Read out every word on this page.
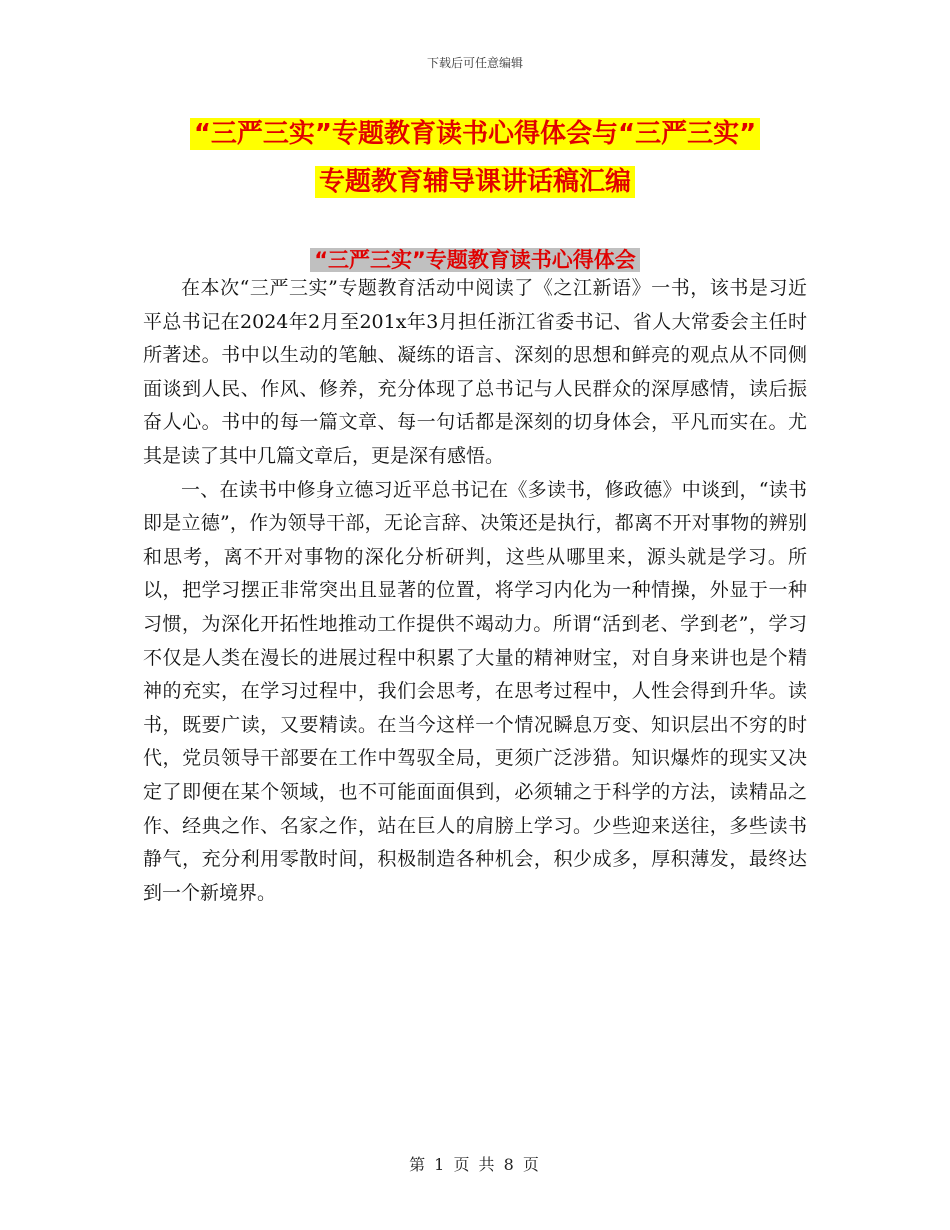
下载后可任意编辑
“三严三实”专题教育读书心得体会与“三严三实”
专题教育辅导课讲话稿汇编
“三严三实”专题教育读书心得体会

在本次“三严三实”专题教育活动中阅读了《之江新语》一书，该书是习近平总书记在2024年2月至201x年3月担任浙江省委书记、省人大常委会主任时所著述。书中以生动的笔触、凝练的语言、深刻的思想和鲜亮的观点从不同侧面谈到人民、作风、修养，充分体现了总书记与人民群众的深厚感情，读后振奋人心。书中的每一篇文章、每一句话都是深刻的切身体会，平凡而实在。尤其是读了其中几篇文章后，更是深有感悟。

一、在读书中修身立德习近平总书记在《多读书，修政德》中谈到，“读书即是立德”，作为领导干部，无论言辞、决策还是执行，都离不开对事物的辨别和思考，离不开对事物的深化分析研判，这些从哪里来，源头就是学习。所以，把学习摆正非常突出且显著的位置，将学习内化为一种情操，外显于一种习惯，为深化开拓性地推动工作提供不竭动力。所谓“活到老、学到老”，学习不仅是人类在漫长的进展过程中积累了大量的精神财宝，对自身来讲也是个精神的充实，在学习过程中，我们会思考，在思考过程中，人性会得到升华。读书，既要广读，又要精读。在当今这样一个情况瞬息万变、知识层出不穷的时代，党员领导干部要在工作中驾驭全局，更须广泛涉猎。知识爆炸的现实又决定了即便在某个领域，也不可能面面俱到，必须辅之于科学的方法，读精品之作、经典之作、名家之作，站在巨人的肩膀上学习。少些迎来送往，多些读书静气，充分利用零散时间，积极制造各种机会，积少成多，厚积薄发，最终达到一个新境界。

第 1 页 共 8 页
